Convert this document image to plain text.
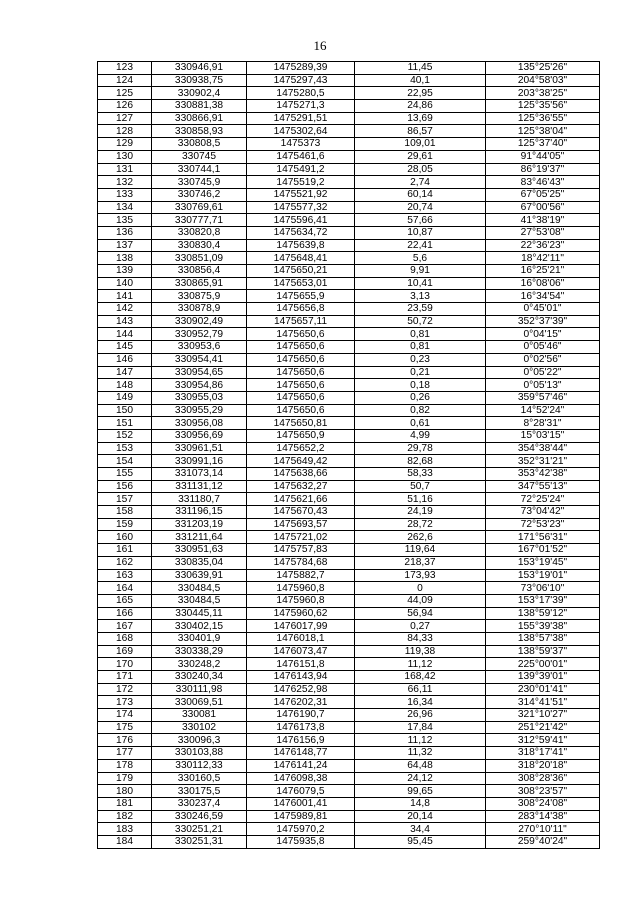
16
123	330946,91	1475289,39	11,45	135°25'26"
124	330938,75	1475297,43	40,1	204°58'03"
125	330902,4	1475280,5	22,95	203°38'25"
126	330881,38	1475271,3	24,86	125°35'56"
127	330866,91	1475291,51	13,69	125°36'55"
128	330858,93	1475302,64	86,57	125°38'04"
129	330808,5	1475373	109,01	125°37'40"
130	330745	1475461,6	29,61	91°44'05"
131	330744,1	1475491,2	28,05	86°19'37"
132	330745,9	1475519,2	2,74	83°46'43"
133	330746,2	1475521,92	60,14	67°05'25"
134	330769,61	1475577,32	20,74	67°00'56"
135	330777,71	1475596,41	57,66	41°38'19"
136	330820,8	1475634,72	10,87	27°53'08"
137	330830,4	1475639,8	22,41	22°36'23"
138	330851,09	1475648,41	5,6	18°42'11"
139	330856,4	1475650,21	9,91	16°25'21"
140	330865,91	1475653,01	10,41	16°08'06"
141	330875,9	1475655,9	3,13	16°34'54"
142	330878,9	1475656,8	23,59	0°45'01"
143	330902,49	1475657,11	50,72	352°37'39"
144	330952,79	1475650,6	0,81	0°04'15"
145	330953,6	1475650,6	0,81	0°05'46"
146	330954,41	1475650,6	0,23	0°02'56"
147	330954,65	1475650,6	0,21	0°05'22"
148	330954,86	1475650,6	0,18	0°05'13"
149	330955,03	1475650,6	0,26	359°57'46"
150	330955,29	1475650,6	0,82	14°52'24"
151	330956,08	1475650,81	0,61	8°28'31"
152	330956,69	1475650,9	4,99	15°03'15"
153	330961,51	1475652,2	29,78	354°38'44"
154	330991,16	1475649,42	82,68	352°31'21"
155	331073,14	1475638,66	58,33	353°42'38"
156	331131,12	1475632,27	50,7	347°55'13"
157	331180,7	1475621,66	51,16	72°25'24"
158	331196,15	1475670,43	24,19	73°04'42"
159	331203,19	1475693,57	28,72	72°53'23"
160	331211,64	1475721,02	262,6	171°56'31"
161	330951,63	1475757,83	119,64	167°01'52"
162	330835,04	1475784,68	218,37	153°19'45"
163	330639,91	1475882,7	173,93	153°19'01"
164	330484,5	1475960,8	0	73°06'10"
165	330484,5	1475960,8	44,09	153°17'39"
166	330445,11	1475960,62	56,94	138°59'12"
167	330402,15	1476017,99	0,27	155°39'38"
168	330401,9	1476018,1	84,33	138°57'38"
169	330338,29	1476073,47	119,38	138°59'37"
170	330248,2	1476151,8	11,12	225°00'01"
171	330240,34	1476143,94	168,42	139°39'01"
172	330111,98	1476252,98	66,11	230°01'41"
173	330069,51	1476202,31	16,34	314°41'51"
174	330081	1476190,7	26,96	321°10'27"
175	330102	1476173,8	17,84	251°21'42"
176	330096,3	1476156,9	11,12	312°59'41"
177	330103,88	1476148,77	11,32	318°17'41"
178	330112,33	1476141,24	64,48	318°20'18"
179	330160,5	1476098,38	24,12	308°28'36"
180	330175,5	1476079,5	99,65	308°23'57"
181	330237,4	1476001,41	14,8	308°24'08"
182	330246,59	1475989,81	20,14	283°14'38"
183	330251,21	1475970,2	34,4	270°10'11"
184	330251,31	1475935,8	95,45	259°40'24"
